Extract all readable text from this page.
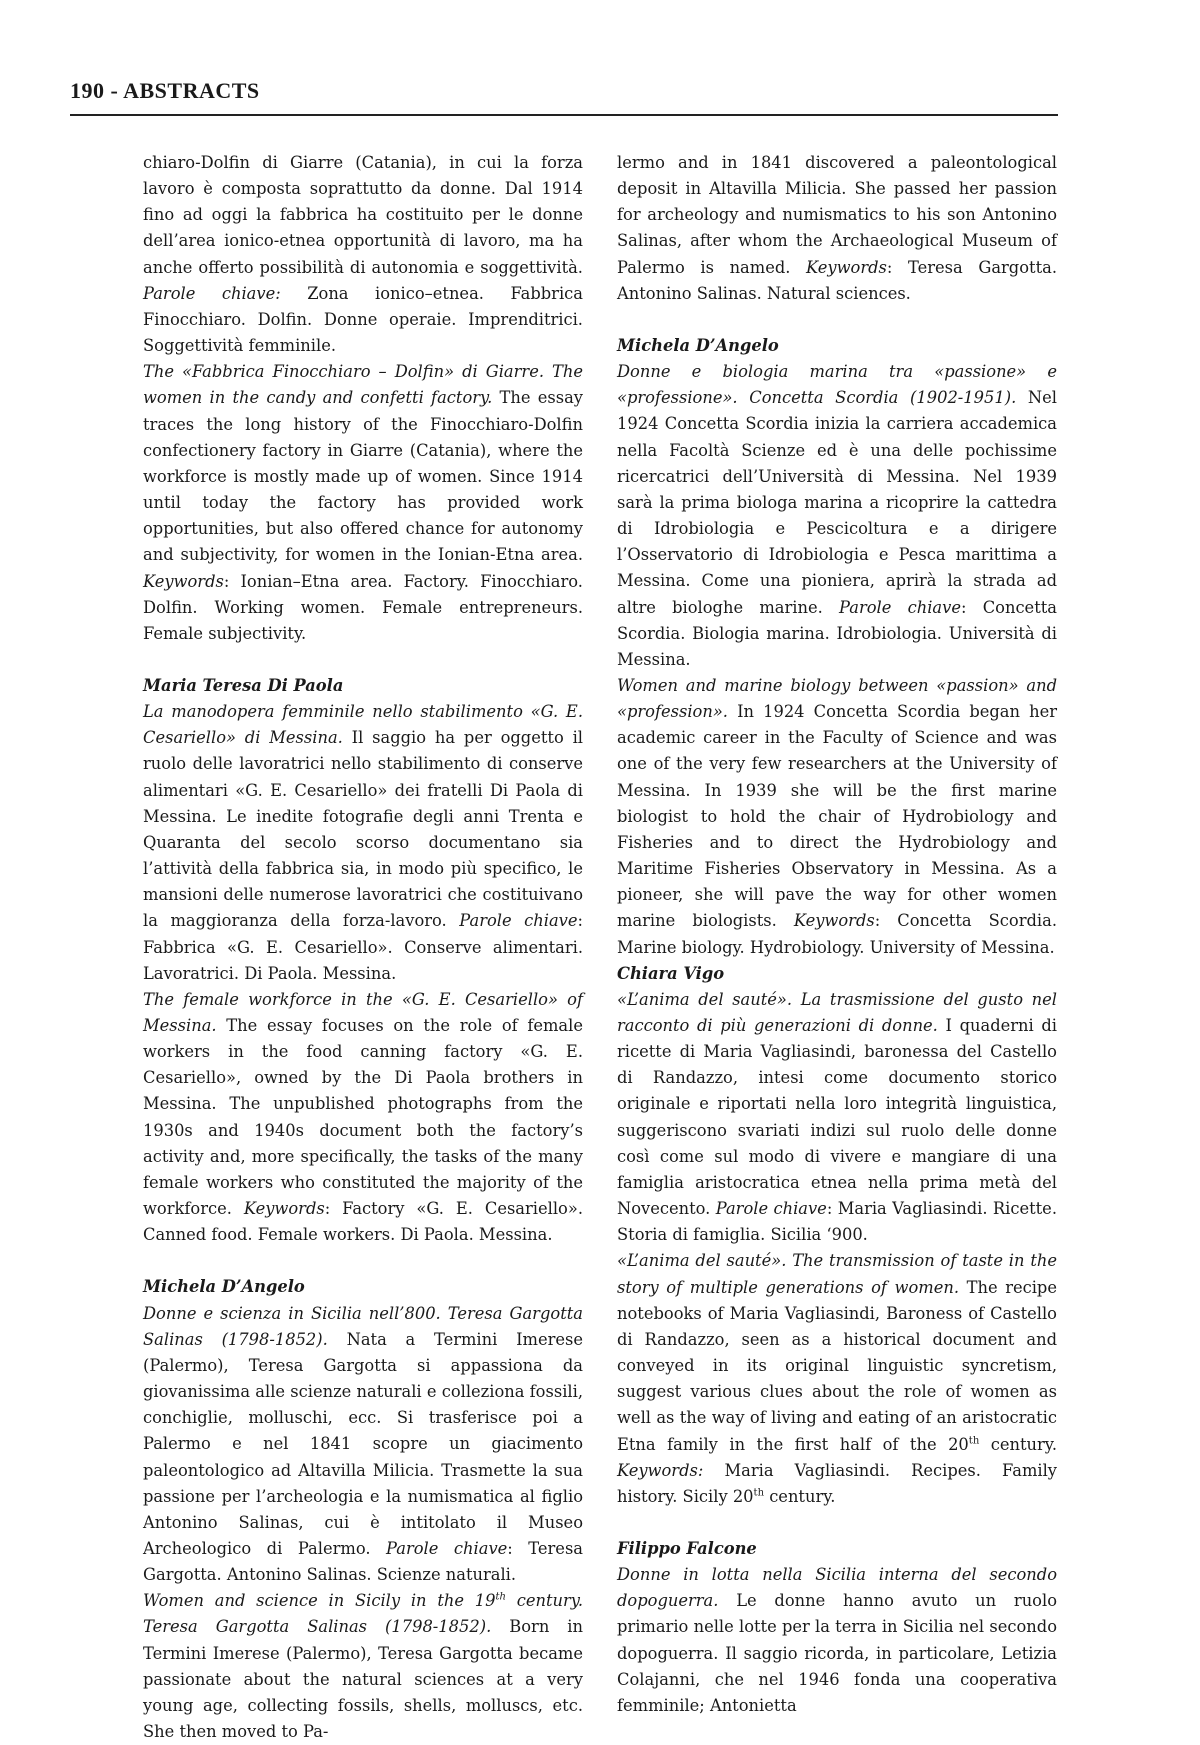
190 - ABSTRACTS

chiaro-Dolfin di Giarre (Catania), in cui la forza lavoro è composta soprattutto da donne. Dal 1914 fino ad oggi la fabbrica ha costituito per le donne dell’area ionico-etnea opportunità di lavoro, ma ha anche offerto possibilità di autonomia e soggettività. Parole chiave: Zona ionico–etnea. Fabbrica Finocchiaro. Dolfin. Donne operaie. Imprenditrici. Soggettività femminile.

The «Fabbrica Finocchiaro – Dolfin» di Giarre. The women in the candy and confetti factory. The essay traces the long history of the Finocchiaro-Dolfin confectionery factory in Giarre (Catania), where the workforce is mostly made up of women. Since 1914 until today the factory has provided work opportunities, but also offered chance for autonomy and subjectivity, for women in the Ionian-Etna area. Keywords: Ionian–Etna area. Factory. Finocchiaro. Dolfin. Working women. Female entrepreneurs. Female subjectivity.

Maria Teresa Di Paola

La manodopera femminile nello stabilimento «G. E. Cesariello» di Messina. Il saggio ha per oggetto il ruolo delle lavoratrici nello stabilimento di conserve alimentari «G. E. Cesariello» dei fratelli Di Paola di Messina. Le inedite fotografie degli anni Trenta e Quaranta del secolo scorso documentano sia l’attività della fabbrica sia, in modo più specifico, le mansioni delle numerose lavoratrici che costituivano la maggioranza della forza-lavoro. Parole chiave: Fabbrica «G. E. Cesariello». Conserve alimentari. Lavoratrici. Di Paola. Messina.

The female workforce in the «G. E. Cesariello» of Messina. The essay focuses on the role of female workers in the food canning factory «G. E. Cesariello», owned by the Di Paola brothers in Messina. The unpublished photographs from the 1930s and 1940s document both the factory’s activity and, more specifically, the tasks of the many female workers who constituted the majority of the workforce. Keywords: Factory «G. E. Cesariello». Canned food. Female workers. Di Paola. Messina.

Michela D’Angelo

Donne e scienza in Sicilia nell’800. Teresa Gargotta Salinas (1798-1852). Nata a Termini Imerese (Palermo), Teresa Gargotta si appassiona da giovanissima alle scienze naturali e colleziona fossili, conchiglie, molluschi, ecc. Si trasferisce poi a Palermo e nel 1841 scopre un giacimento paleontologico ad Altavilla Milicia. Trasmette la sua passione per l’archeologia e la numismatica al figlio Antonino Salinas, cui è intitolato il Museo Archeologico di Palermo. Parole chiave: Teresa Gargotta. Antonino Salinas. Scienze naturali.

Women and science in Sicily in the 19th century. Teresa Gargotta Salinas (1798-1852). Born in Termini Imerese (Palermo), Teresa Gargotta became passionate about the natural sciences at a very young age, collecting fossils, shells, molluscs, etc. She then moved to Pa-

lermo and in 1841 discovered a paleontological deposit in Altavilla Milicia. She passed her passion for archeology and numismatics to his son Antonino Salinas, after whom the Archaeological Museum of Palermo is named. Keywords: Teresa Gargotta. Antonino Salinas. Natural sciences.

Michela D’Angelo

Donne e biologia marina tra «passione» e «professione». Concetta Scordia (1902-1951). Nel 1924 Concetta Scordia inizia la carriera accademica nella Facoltà Scienze ed è una delle pochissime ricercatrici dell’Università di Messina. Nel 1939 sarà la prima biologa marina a ricoprire la cattedra di Idrobiologia e Pescicoltura e a dirigere l’Osservatorio di Idrobiologia e Pesca marittima a Messina. Come una pioniera, aprirà la strada ad altre biologhe marine. Parole chiave: Concetta Scordia. Biologia marina. Idrobiologia. Università di Messina.

Women and marine biology between «passion» and «profession». In 1924 Concetta Scordia began her academic career in the Faculty of Science and was one of the very few researchers at the University of Messina. In 1939 she will be the first marine biologist to hold the chair of Hydrobiology and Fisheries and to direct the Hydrobiology and Maritime Fisheries Observatory in Messina. As a pioneer, she will pave the way for other women marine biologists. Keywords: Concetta Scordia. Marine biology. Hydrobiology. University of Messina.

Chiara Vigo

«L’anima del sauté». La trasmissione del gusto nel racconto di più generazioni di donne. I quaderni di ricette di Maria Vagliasindi, baronessa del Castello di Randazzo, intesi come documento storico originale e riportati nella loro integrità linguistica, suggeriscono svariati indizi sul ruolo delle donne così come sul modo di vivere e mangiare di una famiglia aristocratica etnea nella prima metà del Novecento. Parole chiave: Maria Vagliasindi. Ricette. Storia di famiglia. Sicilia ‘900.

«L’anima del sauté». The transmission of taste in the story of multiple generations of women. The recipe notebooks of Maria Vagliasindi, Baroness of Castello di Randazzo, seen as a historical document and conveyed in its original linguistic syncretism, suggest various clues about the role of women as well as the way of living and eating of an aristocratic Etna family in the first half of the 20th century. Keywords: Maria Vagliasindi. Recipes. Family history. Sicily 20th century.

Filippo Falcone

Donne in lotta nella Sicilia interna del secondo dopoguerra. Le donne hanno avuto un ruolo primario nelle lotte per la terra in Sicilia nel secondo dopoguerra. Il saggio ricorda, in particolare, Letizia Colajanni, che nel 1946 fonda una cooperativa femminile; Antonietta
